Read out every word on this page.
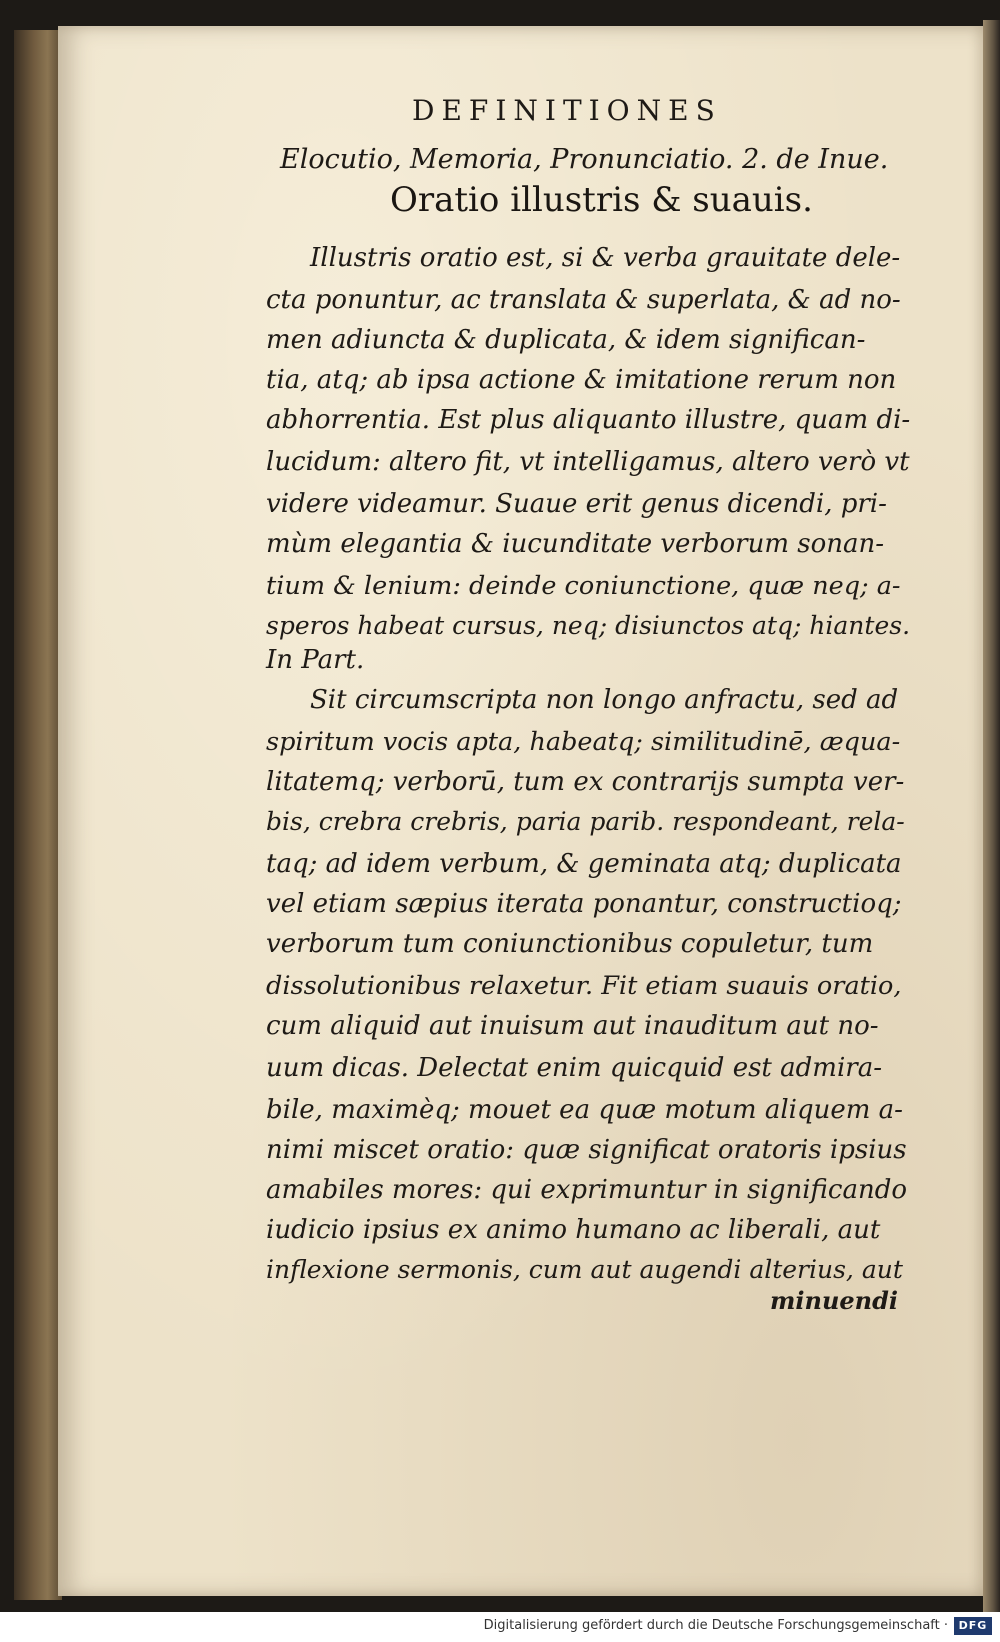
DEFINITIONES
Elocutio, Memoria, Pronunciatio. 2. de Inue.
Oratio illustris & suauis.
Illustris oratio est, si & verba grauitate dele-
cta ponuntur, ac translata & superlata, & ad no-
men adiuncta & duplicata, & idem significan-
tia, atq; ab ipsa actione & imitatione rerum non
abhorrentia. Est plus aliquanto illustre, quam di-
lucidum: altero fit, vt intelligamus, altero verò vt
videre videamur. Suaue erit genus dicendi, pri-
mùm elegantia & iucunditate verborum sonan-
tium & lenium: deinde coniunctione, quæ neq; a-
speros habeat cursus, neq; disiunctos atq; hiantes.
In Part.
Sit circumscripta non longo anfractu, sed ad
spiritum vocis apta, habeatq; similitudinē, æqua-
litatemq; verborū, tum ex contrarijs sumpta ver-
bis, crebra crebris, paria parib. respondeant, rela-
taq; ad idem verbum, & geminata atq; duplicata
vel etiam sæpius iterata ponantur, constructioq;
verborum tum coniunctionibus copuletur, tum
dissolutionibus relaxetur. Fit etiam suauis oratio,
cum aliquid aut inuisum aut inauditum aut no-
uum dicas. Delectat enim quicquid est admira-
bile, maximèq; mouet ea quæ motum aliquem a-
nimi miscet oratio: quæ significat oratoris ipsius
amabiles mores: qui exprimuntur in significando
iudicio ipsius ex animo humano ac liberali, aut
inflexione sermonis, cum aut augendi alterius, aut
minuendi
Digitalisierung gefördert durch die Deutsche Forschungsgemeinschaft · DFG
